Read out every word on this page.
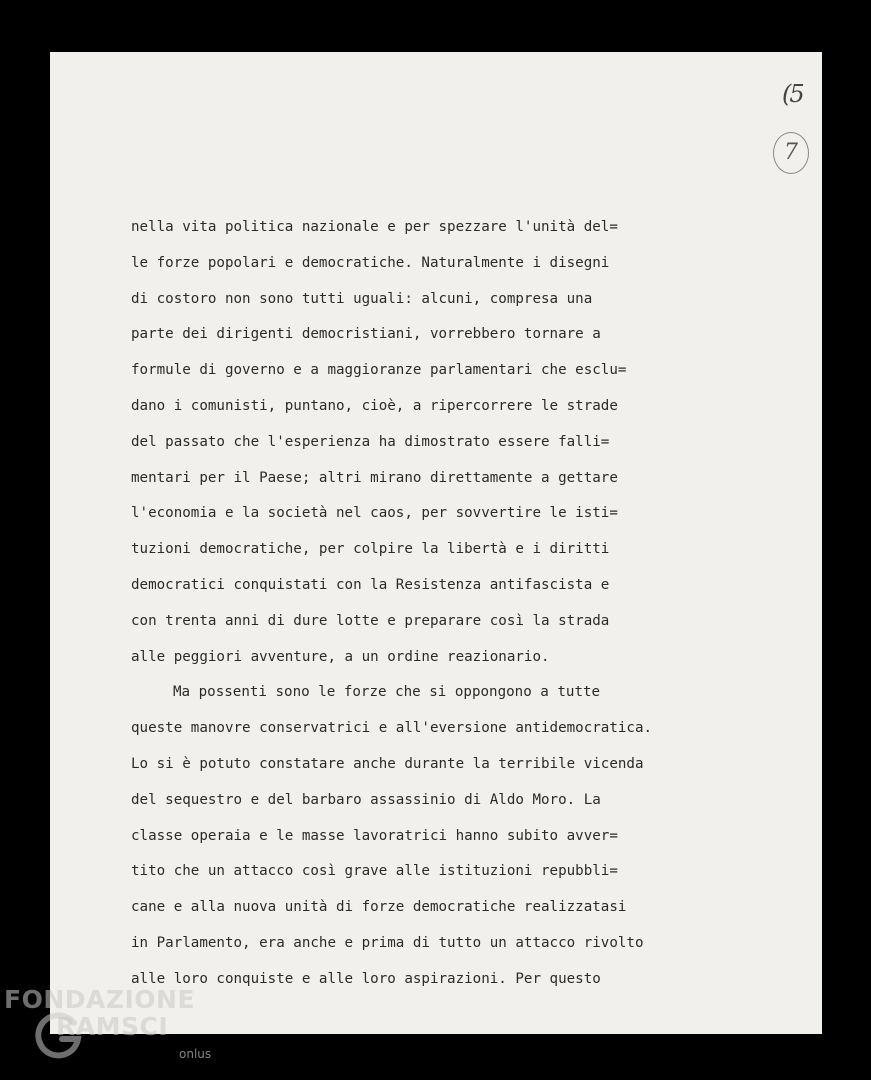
(5
7
nella vita politica nazionale e per spezzare l'unità del=
le forze popolari e democratiche. Naturalmente i disegni
di costoro non sono tutti uguali: alcuni, compresa una
parte dei dirigenti democristiani, vorrebbero tornare a
formule di governo e a maggioranze parlamentari che esclu=
dano i comunisti, puntano, cioè, a ripercorrere le strade
del passato che l'esperienza ha dimostrato essere falli=
mentari per il Paese; altri mirano direttamente a gettare
l'economia e la società nel caos, per sovvertire le isti=
tuzioni democratiche, per colpire la libertà e i diritti
democratici conquistati con la Resistenza antifascista e
con trenta anni di dure lotte e preparare così la strada
alle peggiori avventure, a un ordine reazionario.
Ma possenti sono le forze che si oppongono a tutte
queste manovre conservatrici e all'eversione antidemocratica.
Lo si è potuto constatare anche durante la terribile vicenda
del sequestro e del barbaro assassinio di Aldo Moro. La
classe operaia e le masse lavoratrici hanno subito avver=
tito che un attacco così grave alle istituzioni repubbli=
cane e alla nuova unità di forze democratiche realizzatasi
in Parlamento, era anche e prima di tutto un attacco rivolto
alle loro conquiste e alle loro aspirazioni. Per questo
FONDAZIONE
RAMSCI
onlus
